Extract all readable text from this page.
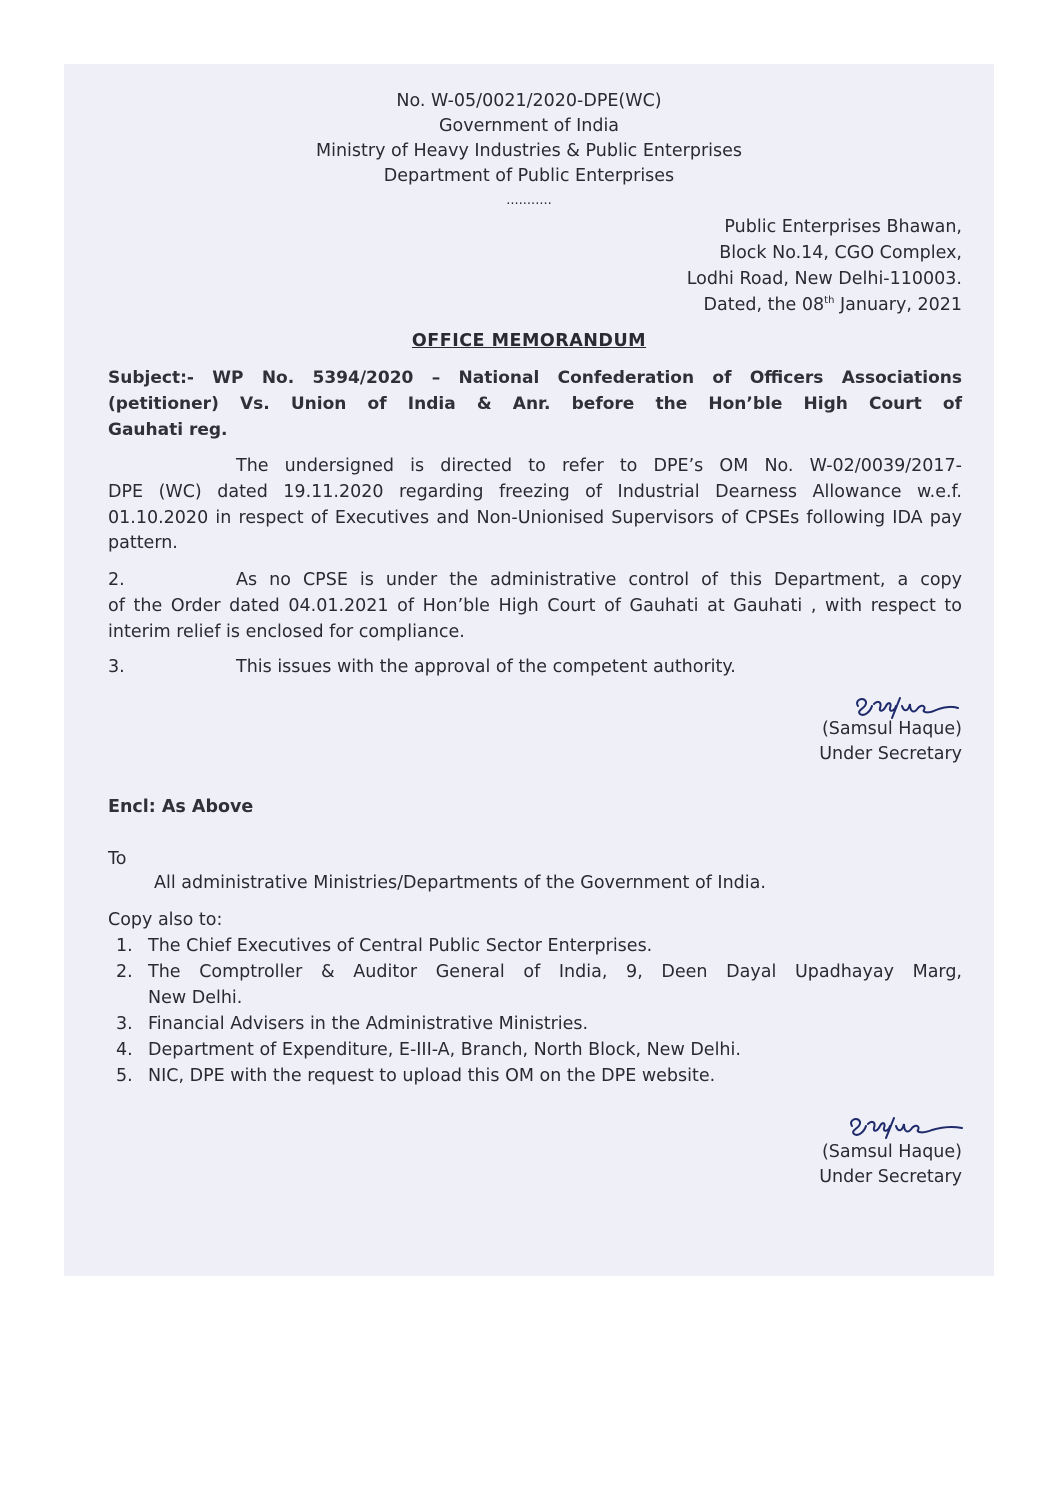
No. W-05/0021/2020-DPE(WC)
Government of India
Ministry of Heavy Industries & Public Enterprises
Department of Public Enterprises
...........
Public Enterprises Bhawan,
Block No.14, CGO Complex,
Lodhi Road, New Delhi-110003.
Dated, the 08th January, 2021
OFFICE MEMORANDUM
Subject:- WP No. 5394/2020 – National Confederation of Officers Associations
(petitioner) Vs. Union of India & Anr. before the Hon’ble High Court of
Gauhati reg.
The undersigned is directed to refer to DPE’s OM No. W-02/0039/2017-
DPE (WC) dated 19.11.2020 regarding freezing of Industrial Dearness Allowance w.e.f. 01.10.2020 in respect of Executives and Non-Unionised Supervisors of CPSEs following IDA pay pattern.
2.	As no CPSE is under the administrative control of this Department, a copy
of the Order dated 04.01.2021 of Hon’ble High Court of Gauhati at Gauhati , with respect to interim relief is enclosed for compliance.
3.	This issues with the approval of the competent authority.
(Samsul Haque)
Under Secretary
Encl: As Above
To
All administrative Ministries/Departments of the Government of India.
Copy also to:
1. The Chief Executives of Central Public Sector Enterprises.
2. The Comptroller & Auditor General of India, 9, Deen Dayal Upadhayay Marg,
New Delhi.
3. Financial Advisers in the Administrative Ministries.
4. Department of Expenditure, E-III-A, Branch, North Block, New Delhi.
5. NIC, DPE with the request to upload this OM on the DPE website.
(Samsul Haque)
Under Secretary
